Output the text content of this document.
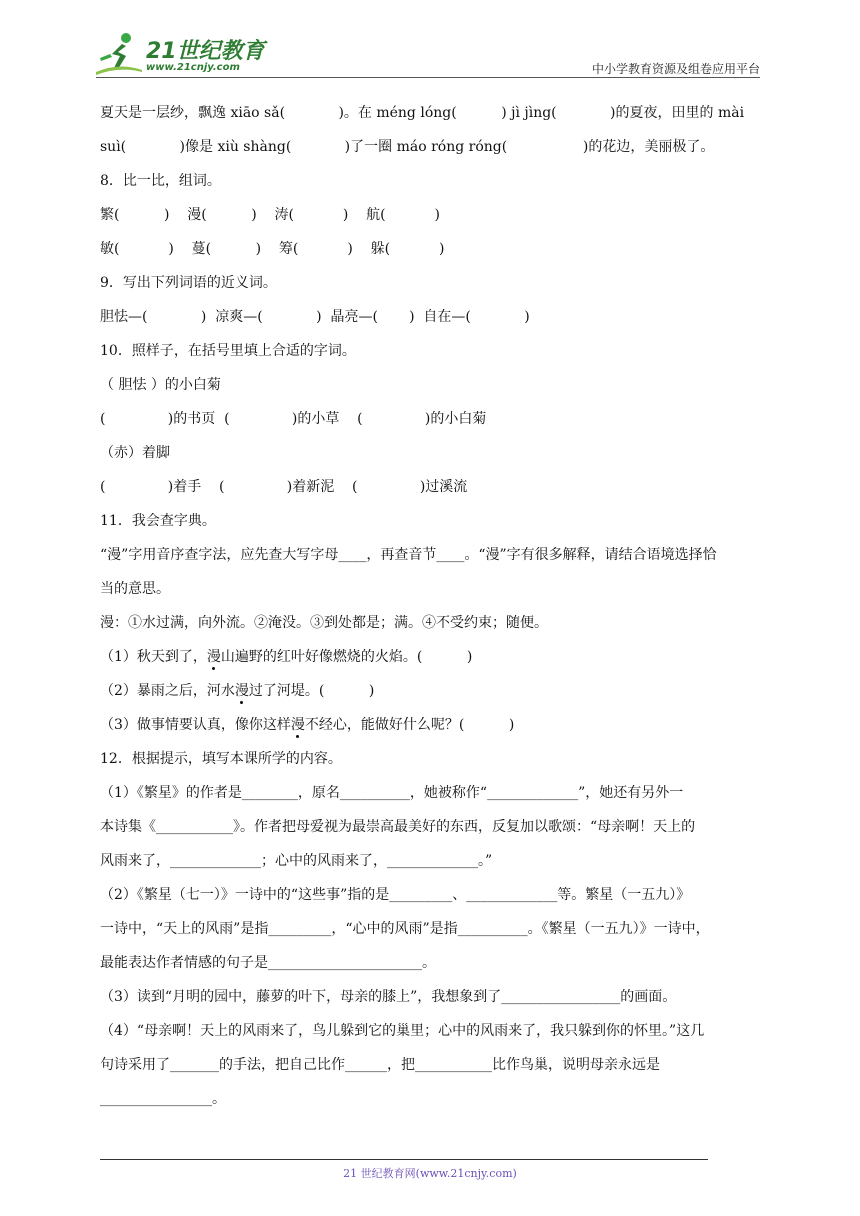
21世纪教育
www.21cnjy.com	中小学教育资源及组卷应用平台
夏天是一层纱，飘逸 xiāo sǎ(            )。在 méng lóng(          ) jì jìng(            )的夏夜，田里的 mài
suì(            )像是 xiù shàng(            )了一圈 máo róng róng(                 )的花边，美丽极了。
8．比一比，组词。
繁(          )    漫(          )    涛(           )    航(           )
敏(           )    蔓(          )    筹(           )    躲(           )
9．写出下列词语的近义词。
胆怯—(            )  凉爽—(            )  晶亮—(       )  自在—(            )
10．照样子，在括号里填上合适的字词。
（ 胆怯 ）的小白菊
(              )的书页  (              )的小草    (              )的小白菊
（赤）着脚
(              )着手    (              )着新泥    (              )过溪流
11．我会查字典。
“漫”字用音序查字法，应先查大写字母____，再查音节____。“漫”字有很多解释，请结合语境选择恰
当的意思。
漫：①水过满，向外流。②淹没。③到处都是；满。④不受约束；随便。
（1）秋天到了，漫山遍野的红叶好像燃烧的火焰。(          )
（2）暴雨之后，河水漫过了河堤。(          )
（3）做事情要认真，像你这样漫不经心，能做好什么呢？(          )
12．根据提示，填写本课所学的内容。
（1）《繁星》的作者是________，原名__________，她被称作“_____________”，她还有另外一
本诗集《___________》。作者把母爱视为最崇高最美好的东西，反复加以歌颂：“母亲啊！天上的
风雨来了，_____________；心中的风雨来了，_____________。”
（2）《繁星（七一）》一诗中的“这些事”指的是_________、_____________等。繁星（一五九）》
一诗中，“天上的风雨”是指_________，“心中的风雨”是指__________。《繁星（一五九）》一诗中，
最能表达作者情感的句子是______________________。
（3）读到“月明的园中，藤萝的叶下，母亲的膝上”，我想象到了_________________的画面。
（4）“母亲啊！天上的风雨来了，鸟儿躲到它的巢里；心中的风雨来了，我只躲到你的怀里。”这几
句诗采用了_______的手法，把自己比作______，把___________比作鸟巢，说明母亲永远是
________________。
21 世纪教育网(www.21cnjy.com)
